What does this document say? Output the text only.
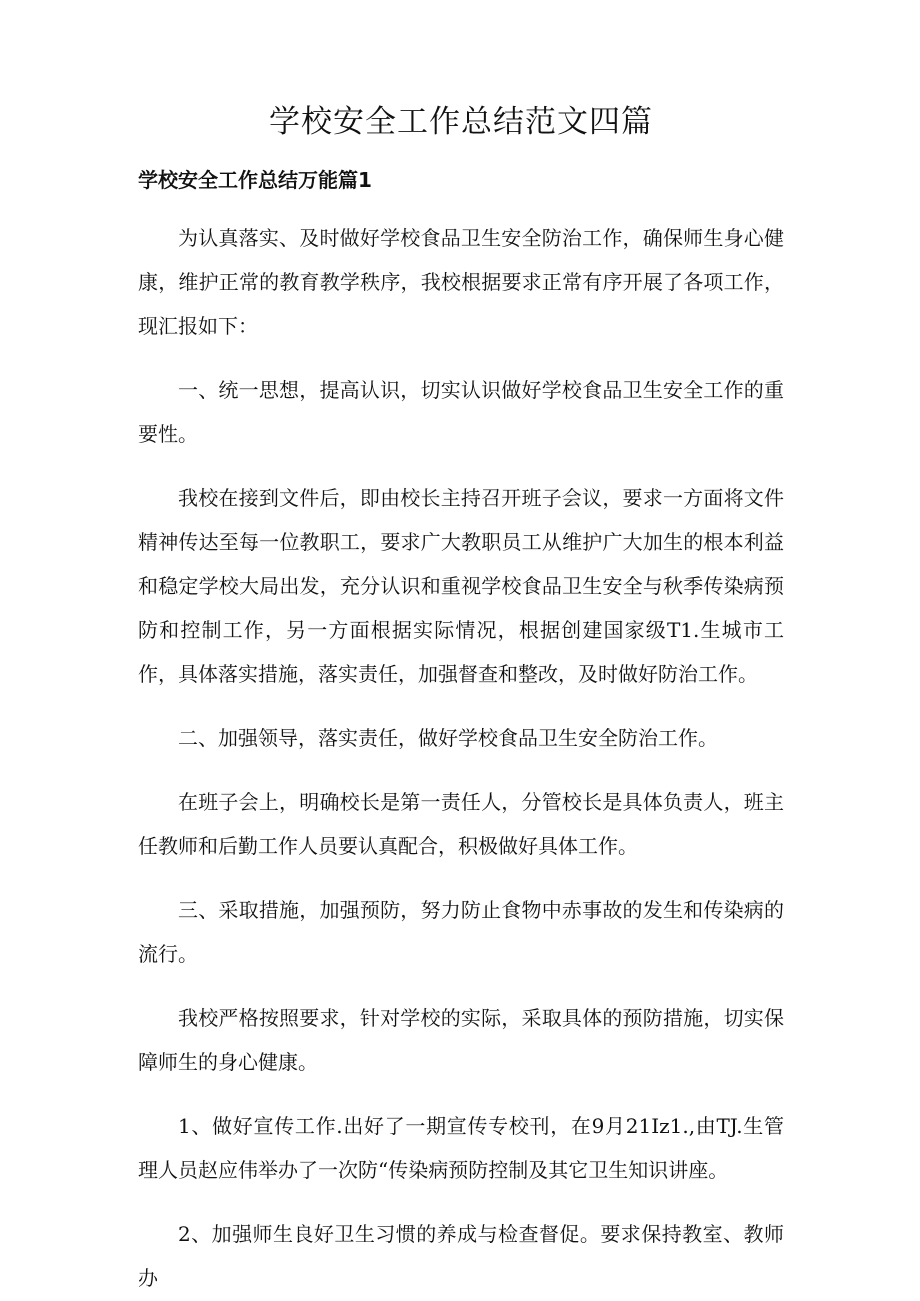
学校安全工作总结范文四篇
学校安全工作总结万能篇1

为认真落实、及时做好学校食品卫生安全防治工作，确保师生身心健康，维护正常的教育教学秩序，我校根据要求正常有序开展了各项工作，现汇报如下：

一、统一思想，提高认识，切实认识做好学校食品卫生安全工作的重要性。

我校在接到文件后，即由校长主持召开班子会议，要求一方面将文件精神传达至每一位教职工，要求广大教职员工从维护广大加生的根本利益和稳定学校大局出发，充分认识和重视学校食品卫生安全与秋季传染病预防和控制工作，另一方面根据实际情况，根据创建国家级T1.生城市工作，具体落实措施，落实责任，加强督查和整改，及时做好防治工作。

二、加强领导，落实责任，做好学校食品卫生安全防治工作。

在班子会上，明确校长是第一责任人，分管校长是具体负责人，班主任教师和后勤工作人员要认真配合，积极做好具体工作。

三、采取措施，加强预防，努力防止食物中赤事故的发生和传染病的流行。

我校严格按照要求，针对学校的实际，采取具体的预防措施，切实保障师生的身心健康。

1、做好宣传工作.出好了一期宣传专校刊，在9月21Iz1.,由TJ.生管理人员赵应伟举办了一次防“传染病预防控制及其它卫生知识讲座。

2、加强师生良好卫生习惯的养成与检查督促。要求保持教室、教师办
